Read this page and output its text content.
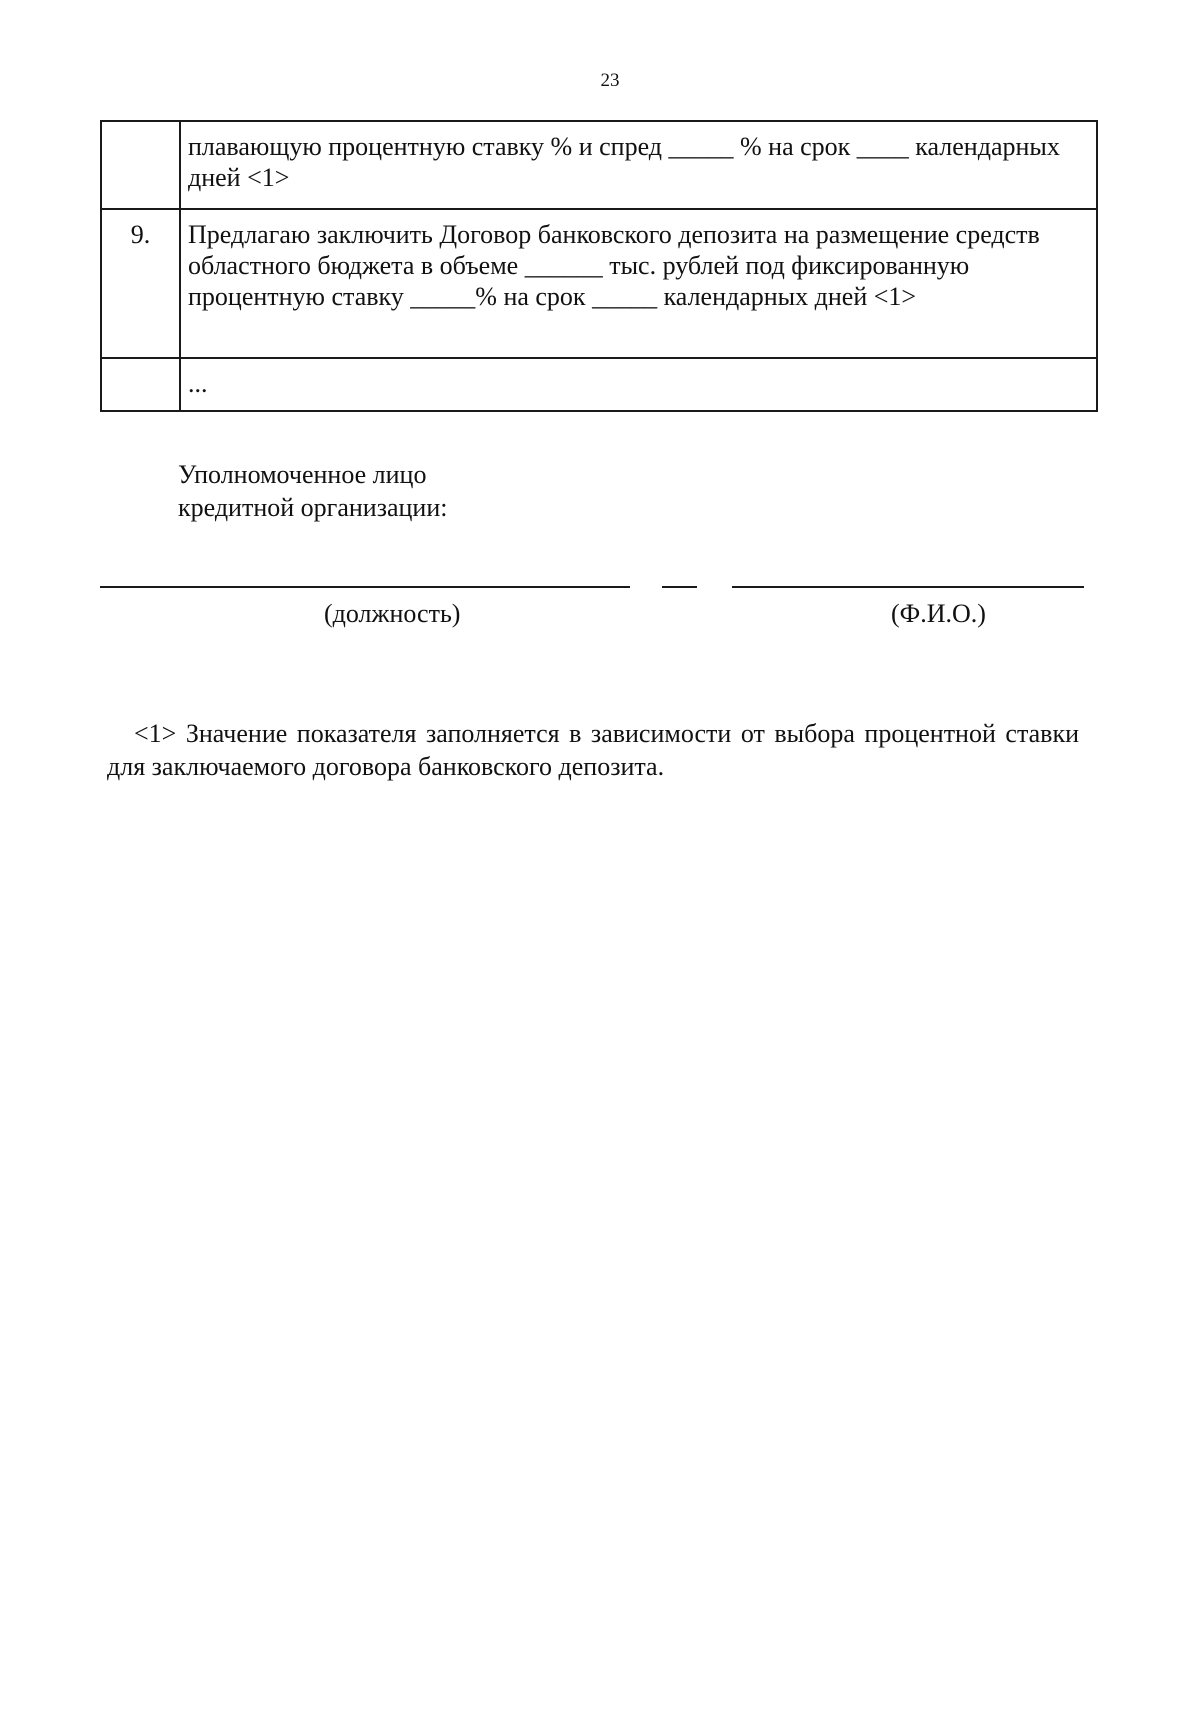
23
	плавающую процентную ставку % и спред _____ % на срок ____ календарных дней <1>
9.	Предлагаю заключить Договор банковского депозита на размещение средств областного бюджета в объеме ______ тыс. рублей под фиксированную процентную ставку _____% на срок _____ календарных дней <1>
	...
Уполномоченное лицо
кредитной организации:
(должность)	(Ф.И.О.)
<1> Значение показателя заполняется в зависимости от выбора процентной ставки для заключаемого договора банковского депозита.
